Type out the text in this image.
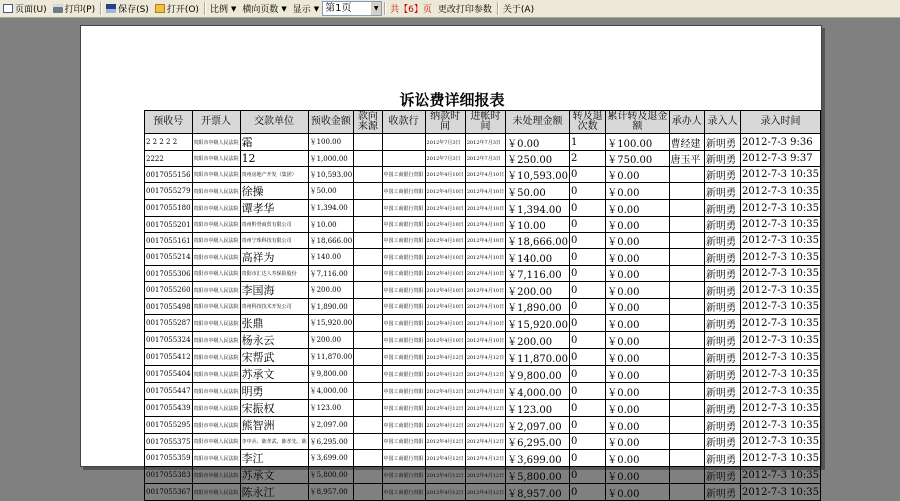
页面(U) 打印(P)	保存(S) 打开(O) 比例 ▼ 横向页数 ▼ 显示 ▼ 第1页	▼ 共【6】页 更改打印参数 关于(A)
诉讼费详细报表
预收号	开票人	交款单位	预收金额	款向来源	收款行	纳款时间	进帐时间	未处理金额	转及退次数	累计转及退金额	承办人	录入人	录入时间
2 2 2 2 2	贵阳市中级人民法院	霜	￥100.00			2012年7月3日	2012年7月3日	￥0.00	1	￥100.00	曹经建	新明勇	2012-7-3 9:36
2222	贵阳市中级人民法院	12	￥1,000.00			2012年7月3日	2012年7月3日	￥250.00	2	￥750.00	唐玉平	新明勇	2012-7-3 9:37
0017055156	贵阳市中级人民法院	贵州房地产开发（集团）	￥10,593.00		中国工商银行贵阳	2012年4月10日	2012年4月10日	￥10,593.00	0	￥0.00		新明勇	2012-7-3 10:35
0017055279	贵阳市中级人民法院	徐操	￥50.00		中国工商银行贵阳	2012年4月10日	2012年4月10日	￥50.00	0	￥0.00		新明勇	2012-7-3 10:35
0017055180	贵阳市中级人民法院	谭孝华	￥1,394.00		中国工商银行贵阳	2012年4月10日	2012年4月10日	￥1,394.00	0	￥0.00		新明勇	2012-7-3 10:35
0017055201	贵阳市中级人民法院	贵州黔誉商贸有限公司	￥10.00		中国工商银行贵阳	2012年4月10日	2012年4月10日	￥10.00	0	￥0.00		新明勇	2012-7-3 10:35
0017055161	贵阳市中级人民法院	贵州宁珠科技有限公司	￥18,666.00		中国工商银行贵阳	2012年4月10日	2012年4月10日	￥18,666.00	0	￥0.00		新明勇	2012-7-3 10:35
0017055214	贵阳市中级人民法院	高祥为	￥140.00		中国工商银行贵阳	2012年4月10日	2012年4月10日	￥140.00	0	￥0.00		新明勇	2012-7-3 10:35
0017055306	贵阳市中级人民法院	贵阳市汇达人寿保险股份	￥7,116.00		中国工商银行贵阳	2012年4月10日	2012年4月10日	￥7,116.00	0	￥0.00		新明勇	2012-7-3 10:35
0017055260	贵阳市中级人民法院	李国海	￥200.00		中国工商银行贵阳	2012年4月10日	2012年4月10日	￥200.00	0	￥0.00		新明勇	2012-7-3 10:35
0017055498	贵阳市中级人民法院	贵州科技技术开发公司	￥1,890.00		中国工商银行贵阳	2012年4月10日	2012年4月10日	￥1,890.00	0	￥0.00		新明勇	2012-7-3 10:35
0017055287	贵阳市中级人民法院	张鼎	￥15,920.00		中国工商银行贵阳	2012年4月10日	2012年4月10日	￥15,920.00	0	￥0.00		新明勇	2012-7-3 10:35
0017055324	贵阳市中级人民法院	杨永云	￥200.00		中国工商银行贵阳	2012年4月10日	2012年4月10日	￥200.00	0	￥0.00		新明勇	2012-7-3 10:35
0017055412	贵阳市中级人民法院	宋帮武	￥11,870.00		中国工商银行贵阳	2012年4月12日	2012年4月12日	￥11,870.00	0	￥0.00		新明勇	2012-7-3 10:35
0017055404	贵阳市中级人民法院	苏承文	￥9,800.00		中国工商银行贵阳	2012年4月12日	2012年4月12日	￥9,800.00	0	￥0.00		新明勇	2012-7-3 10:35
0017055447	贵阳市中级人民法院	明勇	￥4,000.00		中国工商银行贵阳	2012年4月12日	2012年4月12日	￥4,000.00	0	￥0.00		新明勇	2012-7-3 10:35
0017055439	贵阳市中级人民法院	宋振权	￥123.00		中国工商银行贵阳	2012年4月12日	2012年4月12日	￥123.00	0	￥0.00		新明勇	2012-7-3 10:35
0017055295	贵阳市中级人民法院	熊智洲	￥2,097.00		中国工商银行贵阳	2012年4月12日	2012年4月12日	￥2,097.00	0	￥0.00		新明勇	2012-7-3 10:35
0017055375	贵阳市中级人民法院	李中兵、陈孝武、陈孝先、陈	￥6,295.00		中国工商银行贵阳	2012年4月12日	2012年4月12日	￥6,295.00	0	￥0.00		新明勇	2012-7-3 10:35
0017055359	贵阳市中级人民法院	李江	￥3,699.00		中国工商银行贵阳	2012年4月12日	2012年4月12日	￥3,699.00	0	￥0.00		新明勇	2012-7-3 10:35
0017055383	贵阳市中级人民法院	苏承文	￥5,800.00		中国工商银行贵阳	2012年4月12日	2012年4月12日	￥5,800.00	0	￥0.00		新明勇	2012-7-3 10:35
0017055367	贵阳市中级人民法院	陈永江	￥8,957.00		中国工商银行贵阳	2012年4月12日	2012年4月12日	￥8,957.00	0	￥0.00		新明勇	2012-7-3 10:35
